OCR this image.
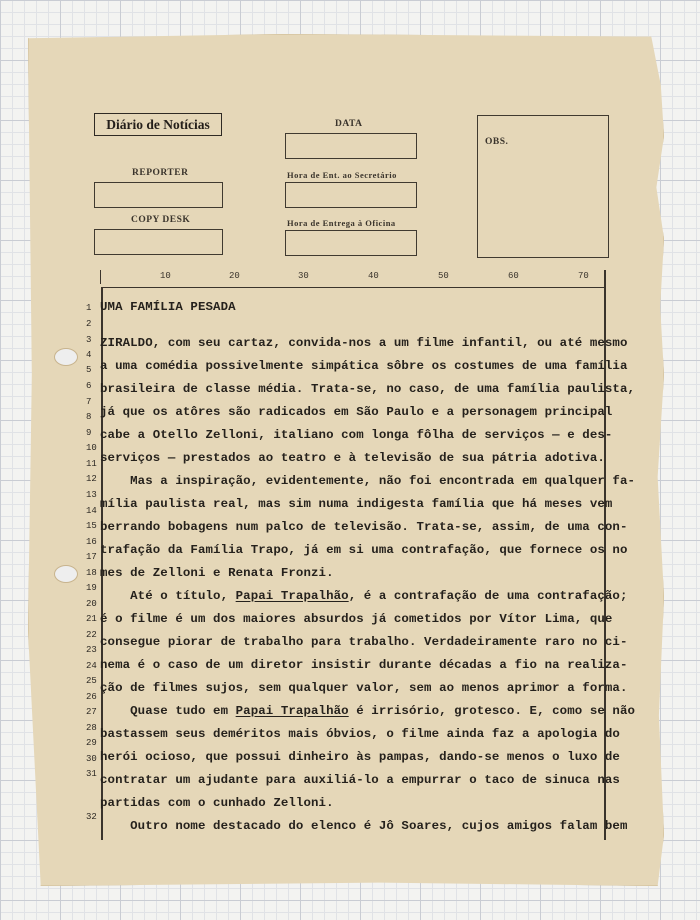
Diário de Notícias	DATA
REPORTER	Hora de Ent. ao Secretário
COPY DESK	Hora de Entrega à Oficina
OBS.
10	20	30	40	50	60	70
1
2
3
4
5
6
7
8
9
10
11
12
13
14
15
16
17
18
19
20
21
22
23
24
25
26
27
28
29
30
31
32
UMA FAMÍLIA PESADA
ZIRALDO, com seu cartaz, convida-nos a um filme infantil, ou até mesmo
a uma comédia possivelmente simpática sôbre os costumes de uma família
brasileira de classe média. Trata-se, no caso, de uma família paulista,
já que os atôres são radicados em São Paulo e a personagem principal
cabe a Otello Zelloni, italiano com longa fôlha de serviços — e des-
serviços — prestados ao teatro e à televisão de sua pátria adotiva.
Mas a inspiração, evidentemente, não foi encontrada em qualquer fa-
mília paulista real, mas sim numa indigesta família que há meses vem
berrando bobagens num palco de televisão. Trata-se, assim, de uma con-
trafação da Família Trapo, já em si uma contrafação, que fornece os no
mes de Zelloni e Renata Fronzi.
Até o título, Papai Trapalhão, é a contrafação de uma contrafação;
é o filme é um dos maiores absurdos já cometidos por Vítor Lima, que
consegue piorar de trabalho para trabalho. Verdadeiramente raro no ci-
nema é o caso de um diretor insistir durante décadas a fio na realiza-
ção de filmes sujos, sem qualquer valor, sem ao menos aprimor a forma.
Quase tudo em Papai Trapalhão é irrisório, grotesco. E, como se não
bastassem seus deméritos mais óbvios, o filme ainda faz a apologia do
herói ocioso, que possui dinheiro às pampas, dando-se menos o luxo de
contratar um ajudante para auxiliá-lo a empurrar o taco de sinuca nas
partidas com o cunhado Zelloni.
Outro nome destacado do elenco é Jô Soares, cujos amigos falam bem
